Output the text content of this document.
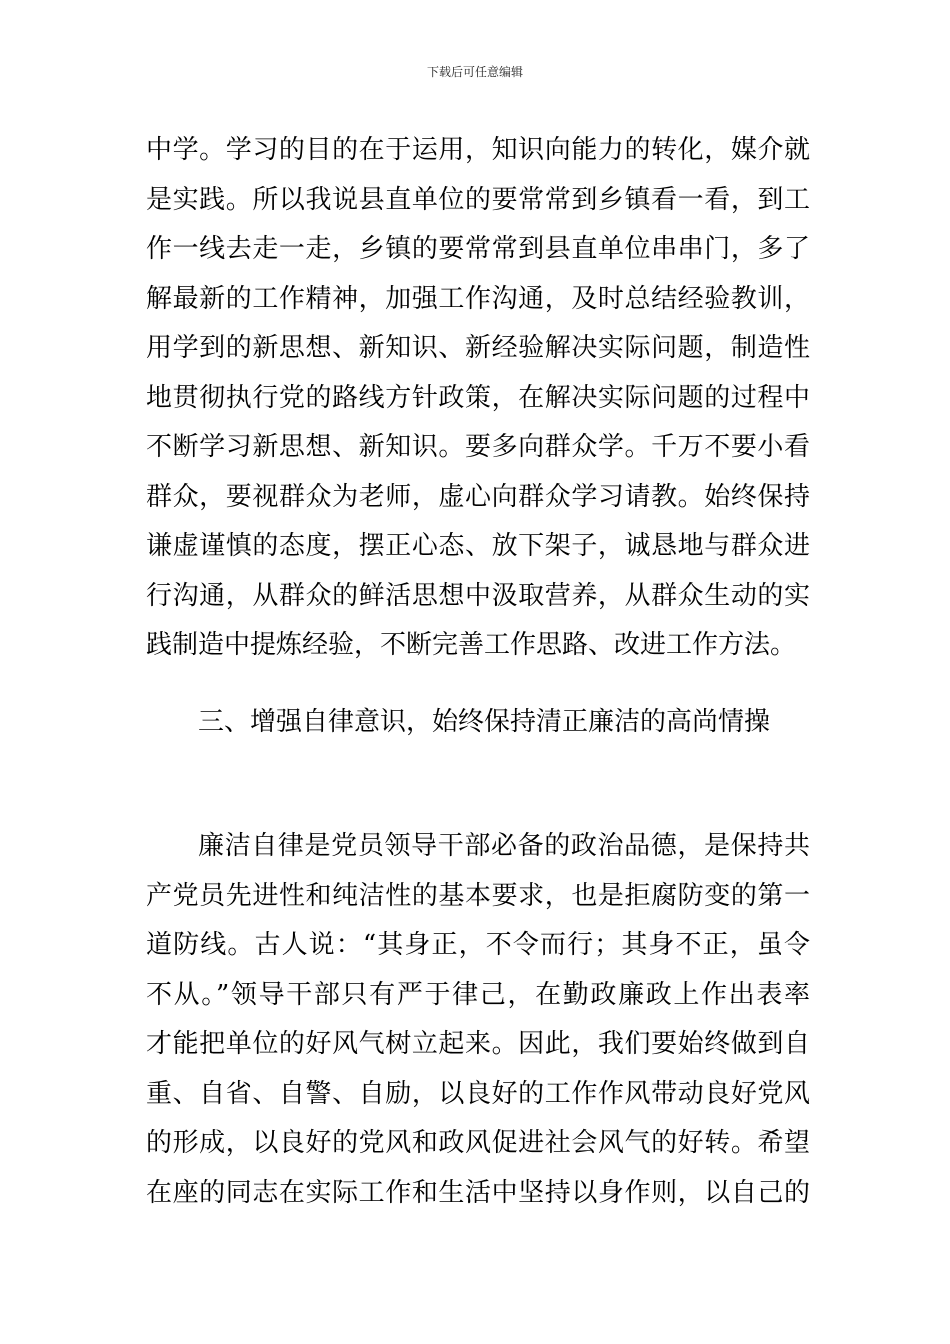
下载后可任意编辑
中学。学习的目的在于运用，知识向能力的转化，媒介就
是实践。所以我说县直单位的要常常到乡镇看一看，到工
作一线去走一走，乡镇的要常常到县直单位串串门，多了
解最新的工作精神，加强工作沟通，及时总结经验教训，
用学到的新思想、新知识、新经验解决实际问题，制造性
地贯彻执行党的路线方针政策，在解决实际问题的过程中
不断学习新思想、新知识。要多向群众学。千万不要小看
群众，要视群众为老师，虚心向群众学习请教。始终保持
谦虚谨慎的态度，摆正心态、放下架子，诚恳地与群众进
行沟通，从群众的鲜活思想中汲取营养，从群众生动的实
践制造中提炼经验，不断完善工作思路、改进工作方法。
三、增强自律意识，始终保持清正廉洁的高尚情操
廉洁自律是党员领导干部必备的政治品德，是保持共
产党员先进性和纯洁性的基本要求，也是拒腐防变的第一
道防线。古人说：“其身正，不令而行；其身不正，虽令
不从。”领导干部只有严于律己，在勤政廉政上作出表率
才能把单位的好风气树立起来。因此，我们要始终做到自
重、自省、自警、自励，以良好的工作作风带动良好党风
的形成，以良好的党风和政风促进社会风气的好转。希望
在座的同志在实际工作和生活中坚持以身作则，以自己的
